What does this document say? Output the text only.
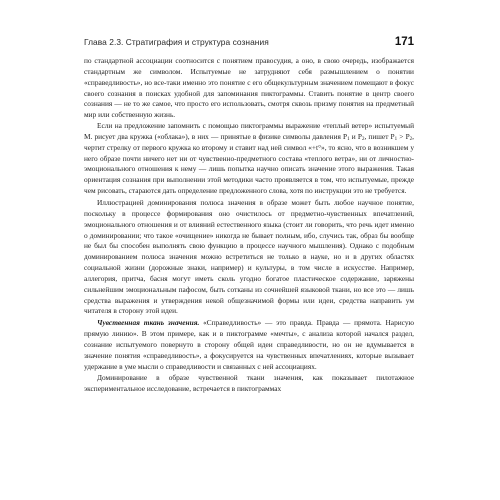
Глава 2.3. Стратиграфия и структура сознания	171

по стандартной ассоциации соотносится с понятием правосудия, а оно, в свою очередь, изображается стандартным же символом. Испытуемые не затрудняют себя размышлением о понятии «справедливость», но все-таки именно это понятие с его общекультурным значением помещают в фокус своего сознания в поисках удобной для запоминания пиктограммы. Ставить понятие в центр своего сознания — не то же самое, что просто его использовать, смотря сквозь призму понятия на предметный мир или собственную жизнь.

Если на предложение запомнить с помощью пиктограммы выражение «теплый ветер» испытуемый М. рисует два кружка («облака»), в них — принятые в физике символы давления $P_1$ и $P_2$, пишет $P_1 > P_2$, чертит стрелку от первого кружка ко второму и ставит над ней символ «+t°», то ясно, что в возникшем у него образе почти ничего нет ни от чувственно-предметного состава «теплого ветра», ни от личностно-эмоционального отношения к нему — лишь попытка научно описать значение этого выражения. Такая ориентация сознания при выполнении этой методики часто проявляется в том, что испытуемые, прежде чем рисовать, стараются дать определение предложенного слова, хотя по инструкции это не требуется.

Иллюстрацией доминирования полюса значения в образе может быть любое научное понятие, поскольку в процессе формирования оно очистилось от предметно-чувственных впечатлений, эмоционального отношения и от влияний естественного языка (стоит ли говорить, что речь идет именно о доминировании; что такое «очищение» никогда не бывает полным, ибо, случись так, образ бы вообще не был бы способен выполнять свою функцию в процессе научного мышления). Однако с подобным доминированием полюса значения можно встретиться не только в науке, но и в других областях социальной жизни (дорожные знаки, например) и культуры, в том числе в искусстве. Например, аллегория, притча, басня могут иметь сколь угодно богатое пластическое содержание, заряжены сильнейшим эмоциональным пафосом, быть сотканы из сочнейшей языковой ткани, но все это — лишь средства выражения и утверждения некой общезначимой формы или идеи, средства направить ум читателя в сторону этой идеи.

Чувственная ткань значения. «Справедливость» — это правда. Правда — прямота. Нарисую прямую линию». В этом примере, как и в пиктограмме «мечты», с анализа которой начался раздел, сознание испытуемого повернуто в сторону общей идеи справедливости, но он не вдумывается в значение понятия «справедливость», а фокусируется на чувственных впечатлениях, которые вызывает удержание в уме мысли о справедливости и связанных с ней ассоциациях.

Доминирование в образе чувственной ткани значения, как показывает пилотажное экспериментальное исследование, встречается в пиктограммах
